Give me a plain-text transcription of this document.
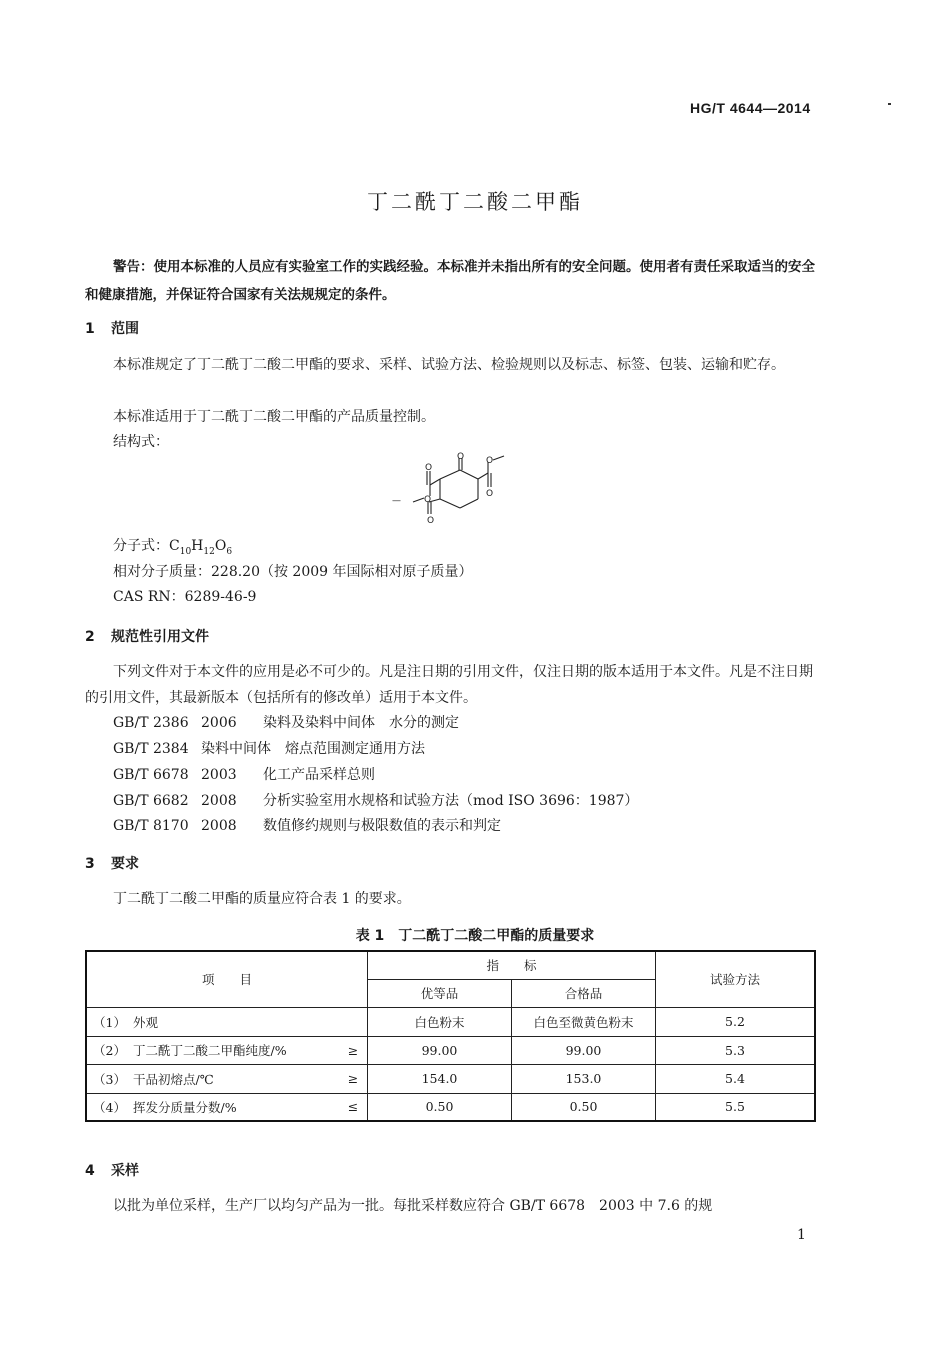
HG/T 4644—2014
丁二酰丁二酸二甲酯
警告：使用本标准的人员应有实验室工作的实践经验。本标准并未指出所有的安全问题。使用者有责任采取适当的安全和健康措施，并保证符合国家有关法规规定的条件。
1 范围
本标准规定了丁二酰丁二酸二甲酯的要求、采样、试验方法、检验规则以及标志、标签、包装、运输和贮存。
本标准适用于丁二酰丁二酸二甲酯的产品质量控制。
结构式：
O
O
O
O
O
O
—
分子式：$C_{10}H_{12}O_6$
相对分子质量：228.20（按 2009 年国际相对原子质量）
CAS RN：6289-46-9
2 规范性引用文件
下列文件对于本文件的应用是必不可少的。凡是注日期的引用文件，仅注日期的版本适用于本文件。凡是不注日期的引用文件，其最新版本（包括所有的修改单）适用于本文件。
GB/T 2386 2006 染料及染料中间体　水分的测定
GB/T 2384 染料中间体　熔点范围测定通用方法
GB/T 6678 2003 化工产品采样总则
GB/T 6682 2008 分析实验室用水规格和试验方法（mod ISO 3696：1987）
GB/T 8170 2008 数值修约规则与极限数值的表示和判定
3 要求
丁二酰丁二酸二甲酯的质量应符合表 1 的要求。
表 1　丁二酰丁二酸二甲酯的质量要求
项　　目		指　　标		试验方法
		优等品	合格品	
（1） 外观		白色粉末	白色至微黄色粉末	5.2
（2） 丁二酰丁二酸二甲酯纯度/%	≥	99.00	99.00	5.3
（3） 干品初熔点/℃	≥	154.0	153.0	5.4
（4） 挥发分质量分数/%	≤	0.50	0.50	5.5
4 采样
以批为单位采样，生产厂以均匀产品为一批。每批采样数应符合 GB/T 6678　2003 中 7.6 的规
1
